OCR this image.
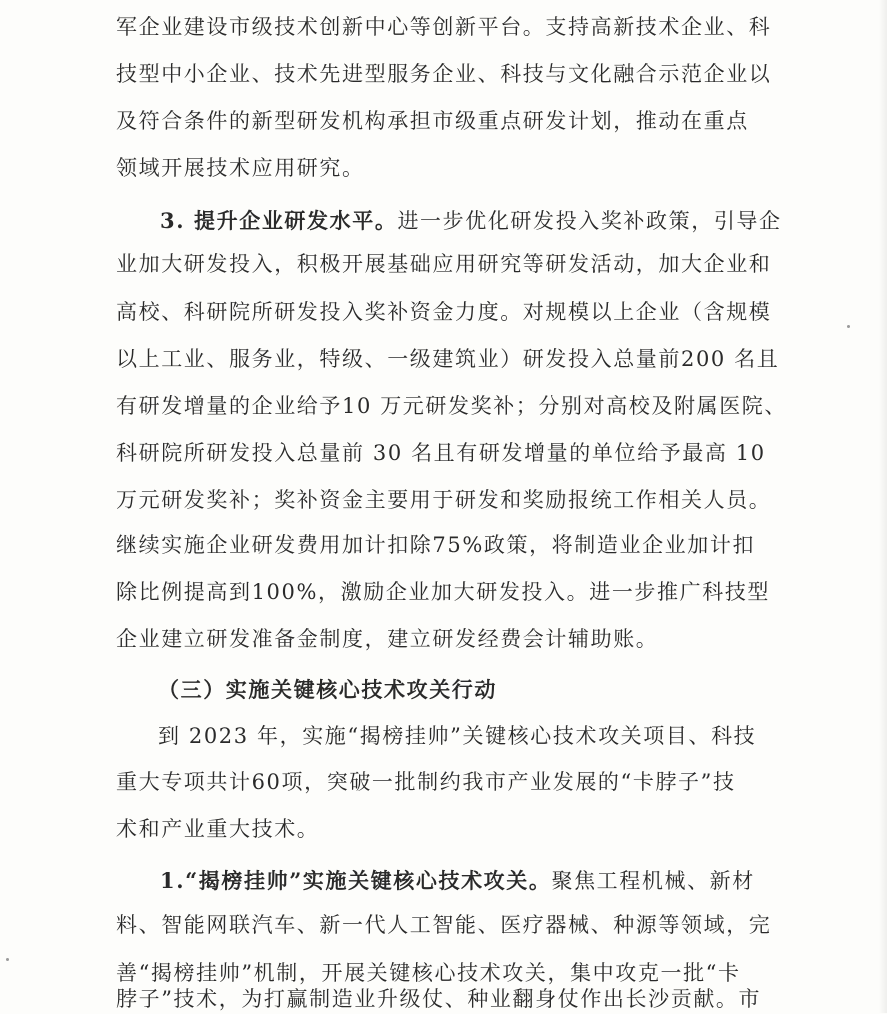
军企业建设市级技术创新中心等创新平台。支持高新技术企业、科
技型中小企业、技术先进型服务企业、科技与文化融合示范企业以
及符合条件的新型研发机构承担市级重点研发计划，推动在重点
领域开展技术应用研究。
3. 提升企业研发水平。进一步优化研发投入奖补政策，引导企
业加大研发投入，积极开展基础应用研究等研发活动，加大企业和
高校、科研院所研发投入奖补资金力度。对规模以上企业（含规模
以上工业、服务业，特级、一级建筑业）研发投入总量前200 名且
有研发增量的企业给予10 万元研发奖补；分别对高校及附属医院、
科研院所研发投入总量前 30 名且有研发增量的单位给予最高 10
万元研发奖补；奖补资金主要用于研发和奖励报统工作相关人员。
继续实施企业研发费用加计扣除75%政策，将制造业企业加计扣
除比例提高到100%，激励企业加大研发投入。进一步推广科技型
企业建立研发准备金制度，建立研发经费会计辅助账。
（三）实施关键核心技术攻关行动
到 2023 年，实施“揭榜挂帅”关键核心技术攻关项目、科技
重大专项共计60项，突破一批制约我市产业发展的“卡脖子”技
术和产业重大技术。
1.“揭榜挂帅”实施关键核心技术攻关。聚焦工程机械、新材
料、智能网联汽车、新一代人工智能、医疗器械、种源等领域，完
善“揭榜挂帅”机制，开展关键核心技术攻关，集中攻克一批“卡
脖子”技术，为打赢制造业升级仗、种业翻身仗作出长沙贡献。市
